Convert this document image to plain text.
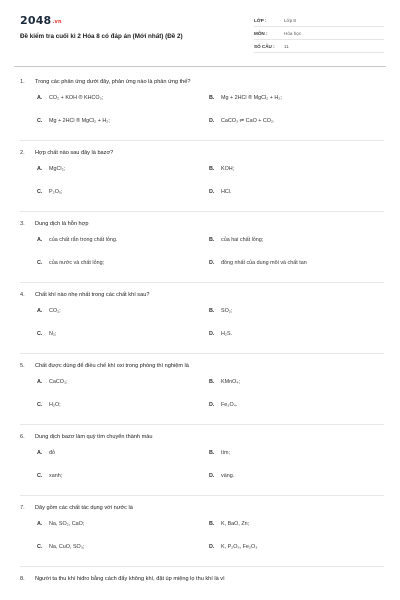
2048.vn
Đề kiểm tra cuối kì 2 Hóa 8 có đáp án (Mới nhất) (Đề 2)
LỚP :	Lớp 8
MÔN :	Hóa học
SỐ CÂU :	11
1.	Trong các phản ứng dưới đây, phản ứng nào là phản ứng thế?
A.	CO₂ + KOH ® KHCO₃;	B.	Mg + 2HCl ® MgCl₂ + H₂;
C.	Mg + 2HCl ® MgCl₂ + H₂;	D.	CaCO₃ ⇌ CaO + CO₂.
2.	Hợp chất nào sau đây là bazơ?
A.	MgCl₂;	B.	KOH;
C.	P₂O₅;	D.	HCl.
3.	Dung dịch là hỗn hợp
A.	của chất rắn trong chất lỏng.	B.	của hai chất lỏng;
C.	của nước và chất lỏng;	D.	đồng nhất của dung môi và chất tan
4.	Chất khí nào nhẹ nhất trong các chất khí sau?
A.	CO₂;	B.	SO₂;
C.	N₂;	D.	H₂S.
5.	Chất được dùng để điều chế khí oxi trong phòng thí nghiệm là
A.	CaCO₃;	B.	KMnO₄;
C.	H₂O;	D.	Fe₃O₄.
6.	Dung dịch bazơ làm quỳ tím chuyển thành màu
A.	đỏ	B.	tím;
C.	xanh;	D.	vàng.
7.	Dãy gồm các chất tác dụng với nước là
A.	Na, SO₂, CaO;	B.	K, BaO, Zn;
C.	Na, CuO, SO₃;	D.	K, P₂O₅, Fe₂O₃
8.	Người ta thu khí hiđro bằng cách đẩy không khí, đặt úp miệng lọ thu khí là vì
